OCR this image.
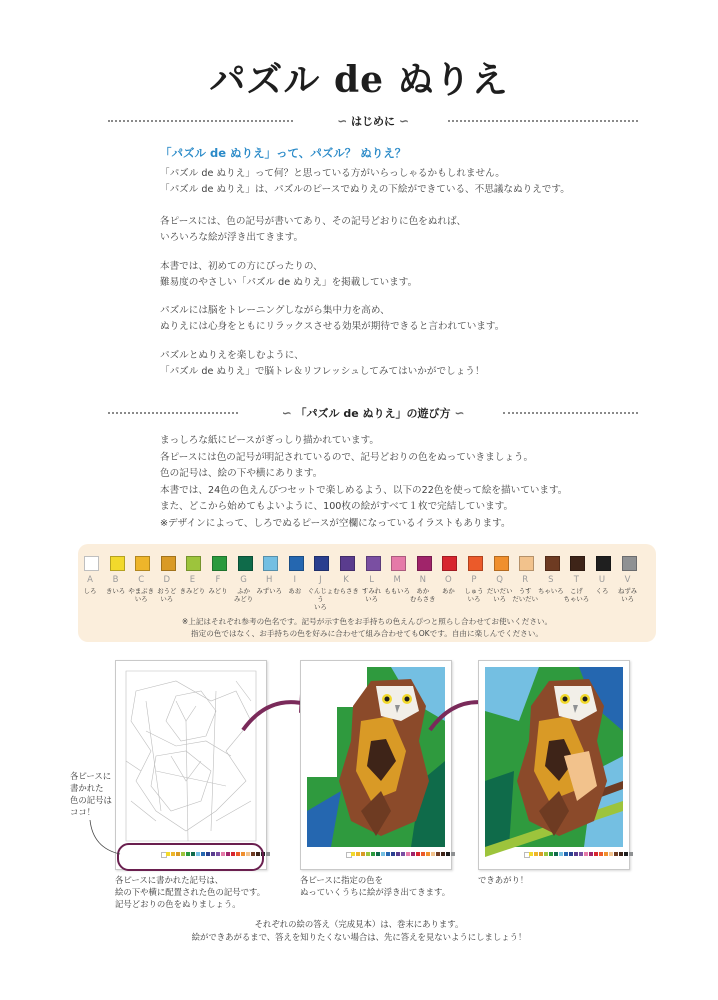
パズル de ぬりえ
∽ はじめに ∽
「パズル de ぬりえ」って、パズル？ ぬりえ？
「パズル de ぬりえ」って何？と思っている方がいらっしゃるかもしれません。
「パズル de ぬりえ」は、パズルのピースでぬりえの下絵ができている、不思議なぬりえです。
各ピースには、色の記号が書いてあり、その記号どおりに色をぬれば、
いろいろな絵が浮き出てきます。
本書では、初めての方にぴったりの、
難易度のやさしい「パズル de ぬりえ」を掲載しています。
パズルには脳をトレーニングしながら集中力を高め、
ぬりえには心身をともにリラックスさせる効果が期待できると言われています。
パズルとぬりえを楽しむように、
「パズル de ぬりえ」で脳トレ＆リフレッシュしてみてはいかがでしょう！
∽ 「パズル de ぬりえ」の遊び方 ∽
まっしろな紙にピースがぎっしり描かれています。
各ピースには色の記号が明記されているので、記号どおりの色をぬっていきましょう。
色の記号は、絵の下や横にあります。
本書では、24色の色えんぴつセットで楽しめるよう、以下の22色を使って絵を描いています。
また、どこから始めてもよいように、100枚の絵がすべて１枚で完結しています。
※デザインによって、しろでぬるピースが空欄になっているイラストもあります。
A
しろ
B
きいろ
C
やまぶき
いろ
D
おうど
いろ
E
きみどり
F
みどり
G
ふか
みどり
H
みずいろ
I
あお
J
ぐんじょう
いろ
K
むらさき
L
すみれ
いろ
M
ももいろ
N
あか
むらさき
O
あか
P
しゅう
いろ
Q
だいだい
いろ
R
うす
だいだい
S
ちゃいろ
T
こげ
ちゃいろ
U
くろ
V
ねずみ
いろ
※上記はそれぞれ参考の色名です。記号が示す色をお手持ちの色えんぴつと照らし合わせてお使いください。
指定の色ではなく、お手持ちの色を好みに合わせて組み合わせてもOKです。自由に楽しんでください。
各ピースに
書かれた
色の記号は
ココ！
各ピースに書かれた記号は、
絵の下や横に配置された色の記号です。
記号どおりの色をぬりましょう。
各ピースに指定の色を
ぬっていくうちに絵が浮き出てきます。
できあがり！
それぞれの絵の答え（完成見本）は、巻末にあります。
絵ができあがるまで、答えを知りたくない場合は、先に答えを見ないようにしましょう！
